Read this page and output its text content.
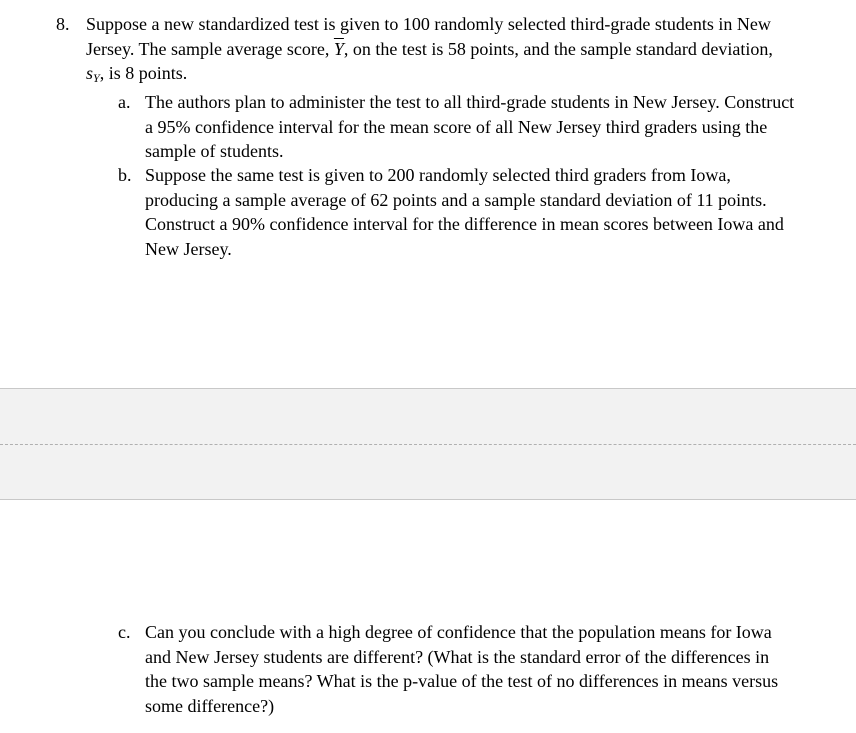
8. Suppose a new standardized test is given to 100 randomly selected third-grade students in New Jersey. The sample average score, $\overline{Y}$, on the test is 58 points, and the sample standard deviation, $s_Y$, is 8 points.
a. The authors plan to administer the test to all third-grade students in New Jersey. Construct a 95% confidence interval for the mean score of all New Jersey third graders using the sample of students.
b. Suppose the same test is given to 200 randomly selected third graders from Iowa, producing a sample average of 62 points and a sample standard deviation of 11 points. Construct a 90% confidence interval for the difference in mean scores between Iowa and New Jersey.
c. Can you conclude with a high degree of confidence that the population means for Iowa and New Jersey students are different? (What is the standard error of the differences in the two sample means? What is the p-value of the test of no differences in means versus some difference?)
